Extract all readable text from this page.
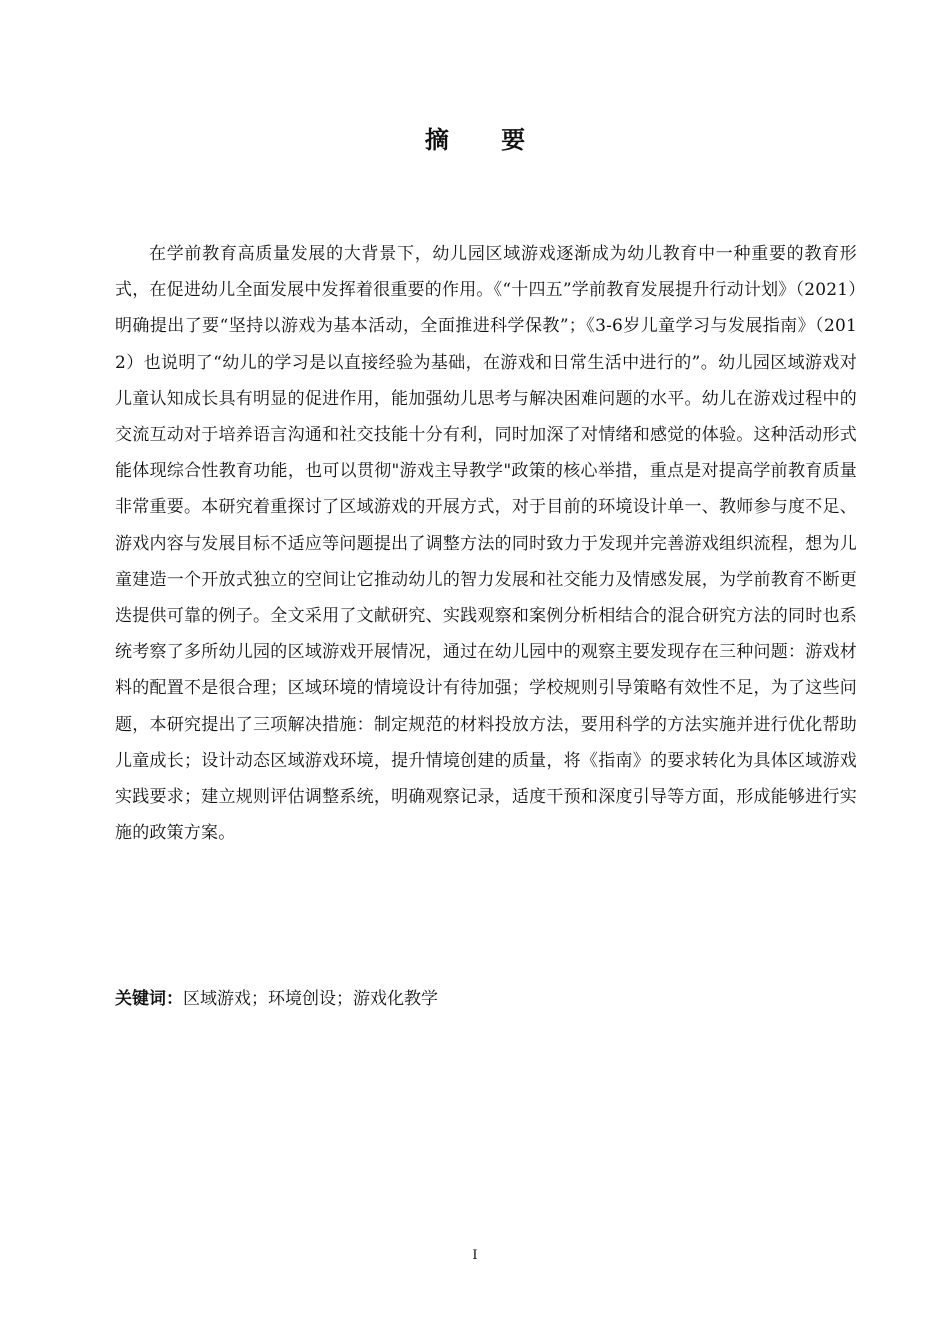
摘 要

在学前教育高质量发展的大背景下，幼儿园区域游戏逐渐成为幼儿教育中一种重要的教育形式，在促进幼儿全面发展中发挥着很重要的作用。《“十四五”学前教育发展提升行动计划》（2021）明确提出了要“坚持以游戏为基本活动，全面推进科学保教”；《3-6岁儿童学习与发展指南》（2012）也说明了“幼儿的学习是以直接经验为基础，在游戏和日常生活中进行的”。幼儿园区域游戏对儿童认知成长具有明显的促进作用，能加强幼儿思考与解决困难问题的水平。幼儿在游戏过程中的交流互动对于培养语言沟通和社交技能十分有利，同时加深了对情绪和感觉的体验。这种活动形式能体现综合性教育功能，也可以贯彻"游戏主导教学"政策的核心举措，重点是对提高学前教育质量非常重要。本研究着重探讨了区域游戏的开展方式，对于目前的环境设计单一、教师参与度不足、游戏内容与发展目标不适应等问题提出了调整方法的同时致力于发现并完善游戏组织流程，想为儿童建造一个开放式独立的空间让它推动幼儿的智力发展和社交能力及情感发展，为学前教育不断更迭提供可靠的例子。全文采用了文献研究、实践观察和案例分析相结合的混合研究方法的同时也系统考察了多所幼儿园的区域游戏开展情况，通过在幼儿园中的观察主要发现存在三种问题：游戏材料的配置不是很合理；区域环境的情境设计有待加强；学校规则引导策略有效性不足，为了这些问题，本研究提出了三项解决措施：制定规范的材料投放方法，要用科学的方法实施并进行优化帮助儿童成长；设计动态区域游戏环境，提升情境创建的质量，将《指南》的要求转化为具体区域游戏实践要求；建立规则评估调整系统，明确观察记录，适度干预和深度引导等方面，形成能够进行实施的政策方案。

关键词：区域游戏；环境创设；游戏化教学

I
